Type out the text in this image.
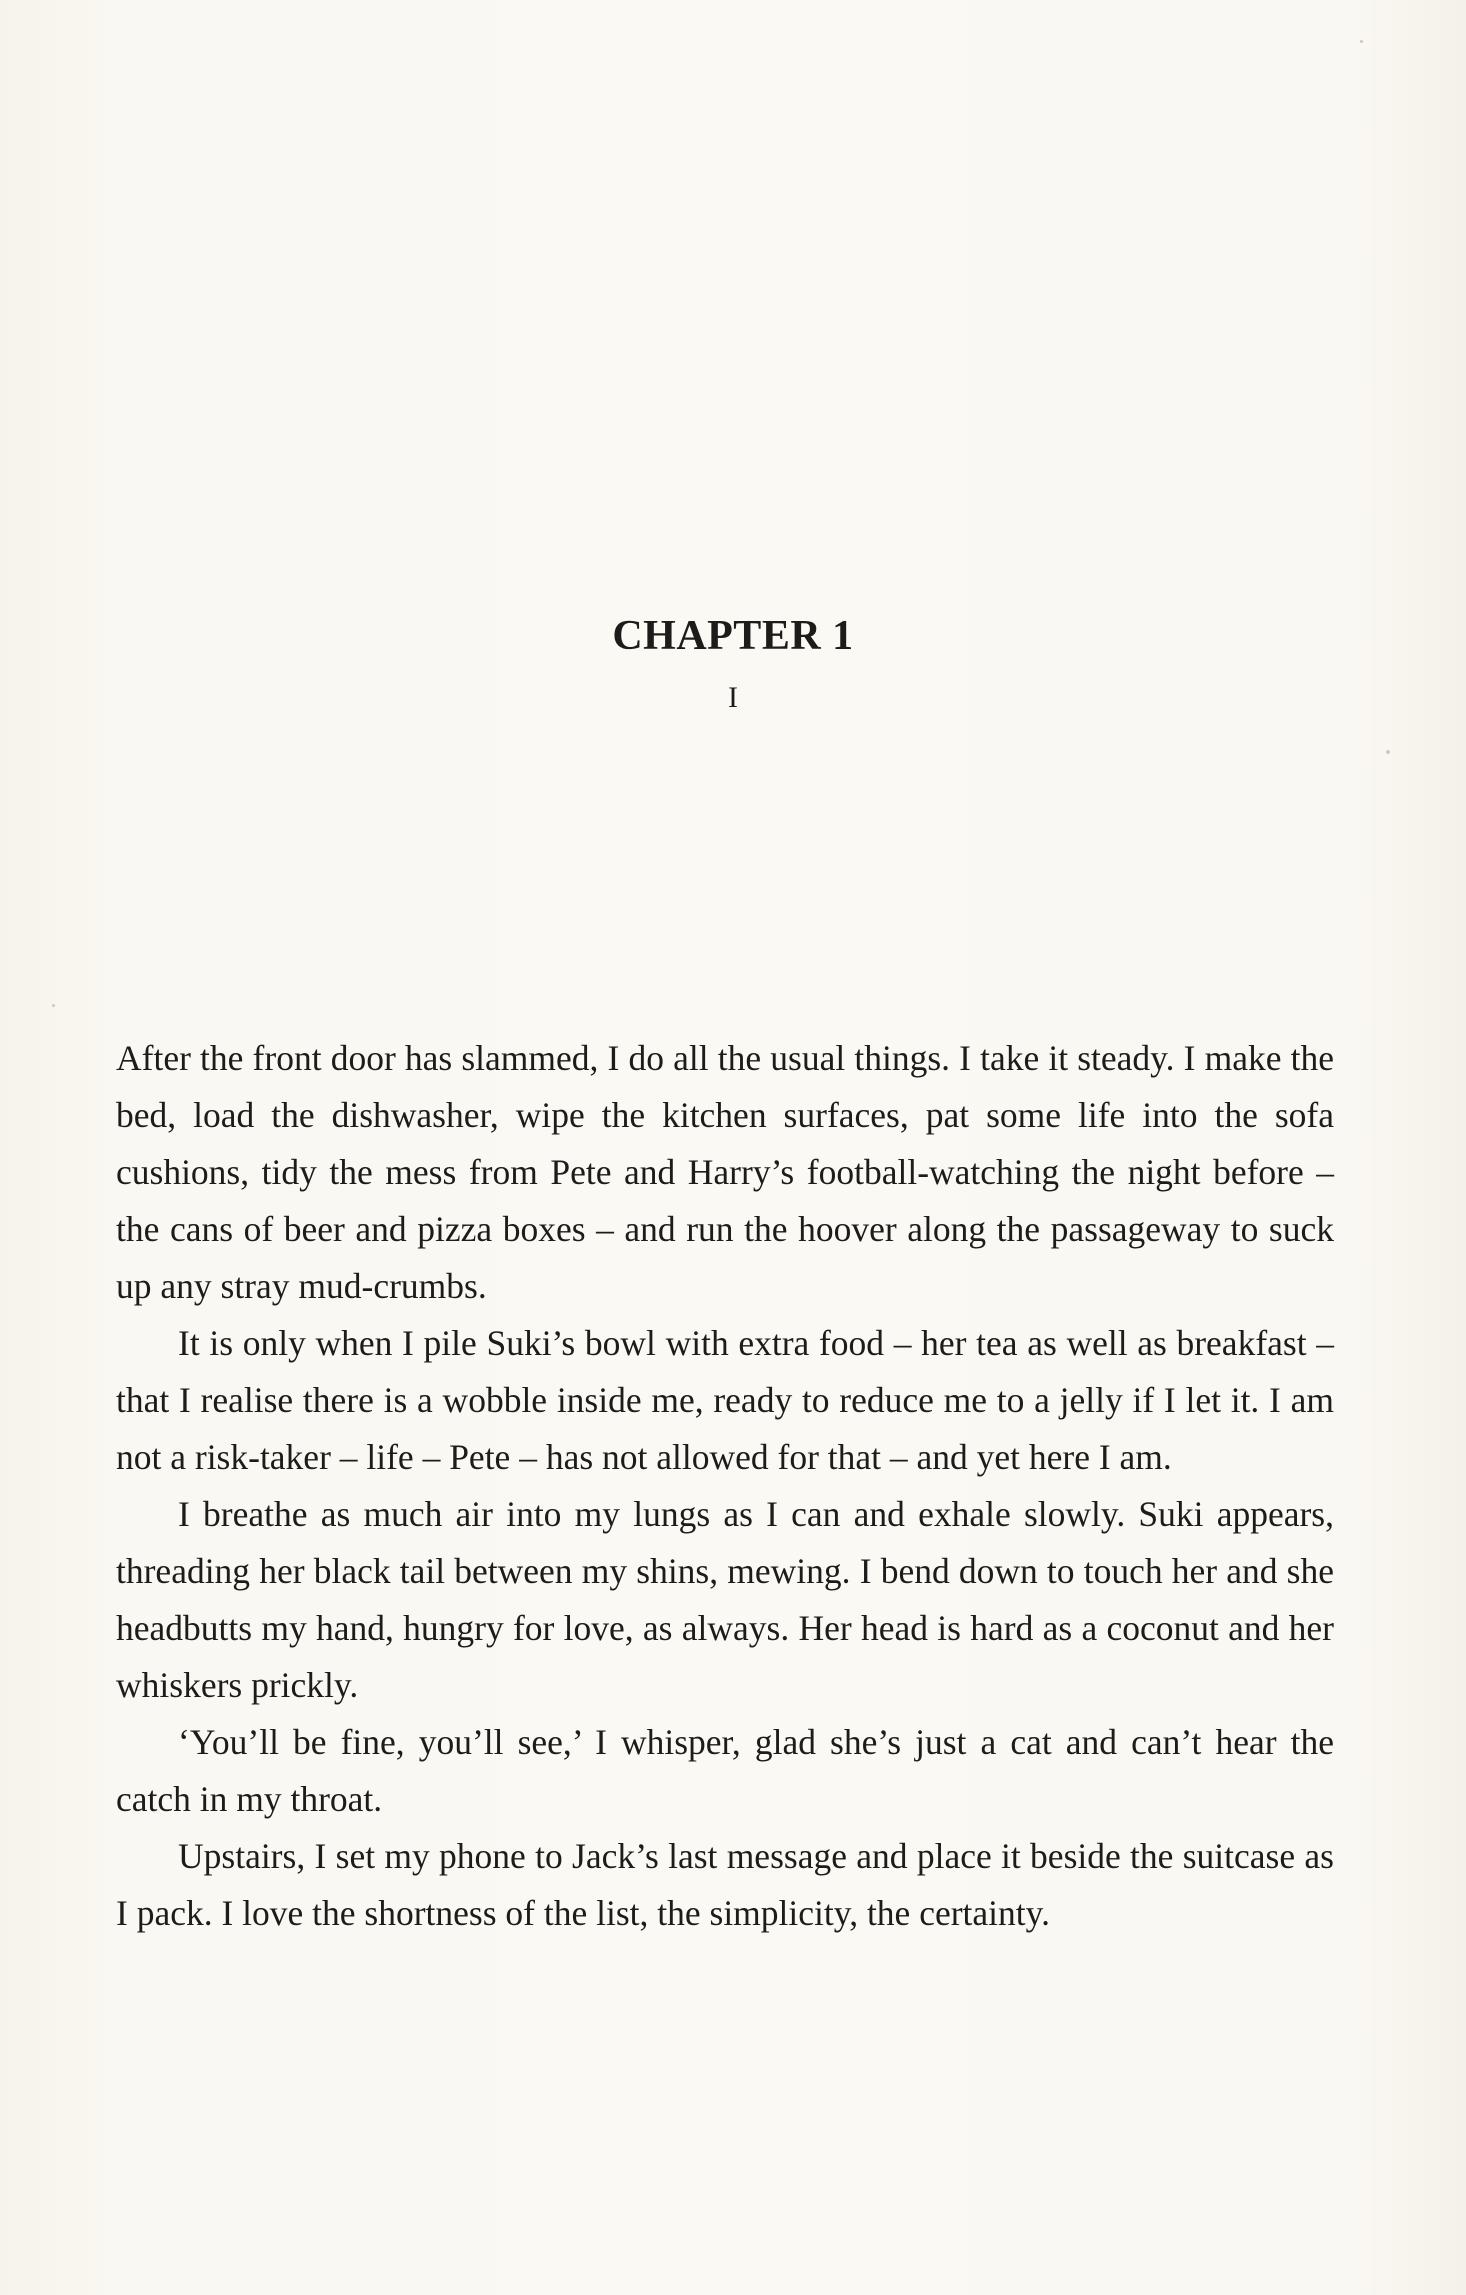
CHAPTER 1
I

After the front door has slammed, I do all the usual things. I take it steady. I make the bed, load the dishwasher, wipe the kitchen surfaces, pat some life into the sofa cushions, tidy the mess from Pete and Harry’s football-watching the night before – the cans of beer and pizza boxes – and run the hoover along the passageway to suck up any stray mud-crumbs.

It is only when I pile Suki’s bowl with extra food – her tea as well as breakfast – that I realise there is a wobble inside me, ready to reduce me to a jelly if I let it. I am not a risk-taker – life – Pete – has not allowed for that – and yet here I am.

I breathe as much air into my lungs as I can and exhale slowly. Suki appears, threading her black tail between my shins, mewing. I bend down to touch her and she headbutts my hand, hungry for love, as always. Her head is hard as a coconut and her whiskers prickly.

‘You’ll be fine, you’ll see,’ I whisper, glad she’s just a cat and can’t hear the catch in my throat.

Upstairs, I set my phone to Jack’s last message and place it beside the suitcase as I pack. I love the shortness of the list, the simplicity, the certainty.
